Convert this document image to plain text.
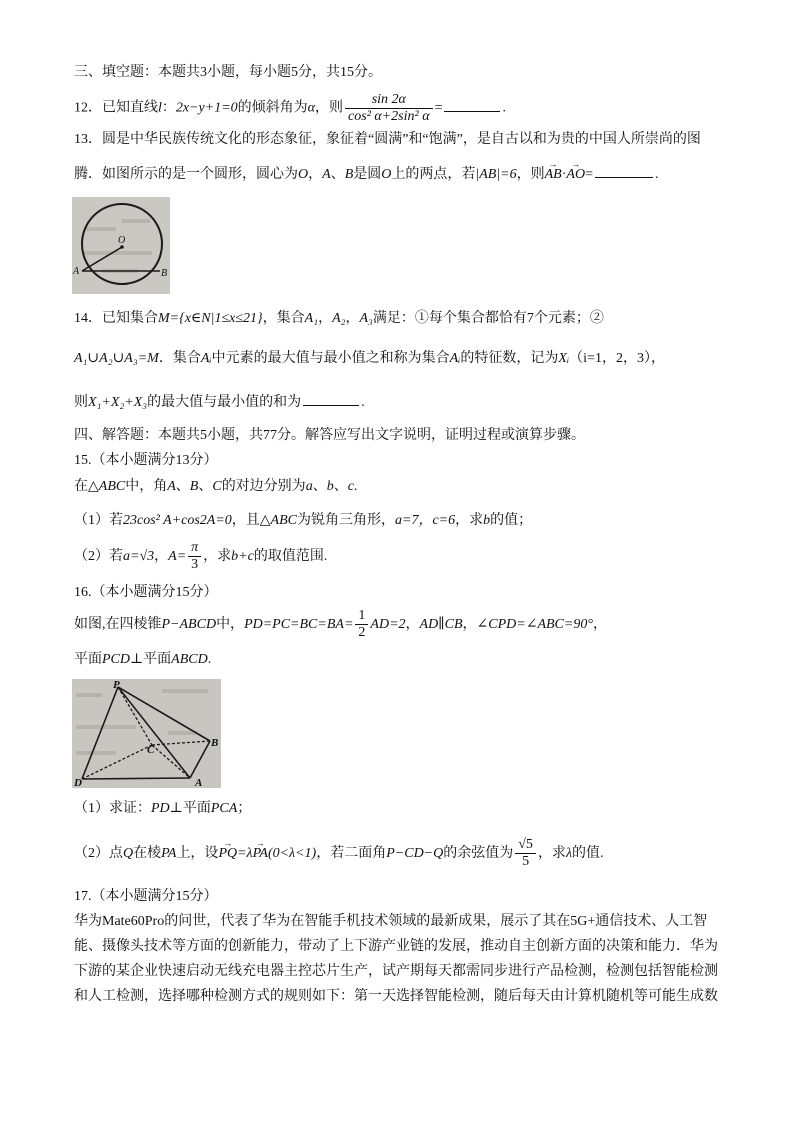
三、填空题：本题共3小题，每小题5分，共15分。
12．已知直线l：2x−y+1=0的倾斜角为α，则 $\frac{\sin 2\alpha}{\text{cos² α+2sin² α}}$ =	.
13．圆是中华民族传统文化的形态象征，象征着“圆满”和“饱满”，是自古以和为贵的中国人所崇尚的图
腾．如图所示的是一个圆形，圆心为O，A、B是圆O上的两点，若|AB|=6，则→ AB·→ AO=	.
O
A	B
14．已知集合M={x∈N|1≤x≤21}，集合A₁，A₂，A₃满足：①每个集合都恰有7个元素；②
A₁∪A₂∪A₃=M．集合Aᵢ中元素的最大值与最小值之和称为集合Aᵢ的特征数，记为Xᵢ（i=1，2，3），
则X₁+X₂+X₃的最大值与最小值的和为	.
四、解答题：本题共5小题，共77分。解答应写出文字说明，证明过程或演算步骤。
15.（本小题满分13分）
在△ABC中，角A、B、C的对边分别为a、b、c.
（1）若23cos² A+cos2A=0，且△ABC为锐角三角形，a=7，c=6，求b的值；
（2）若a=√3，$A= \frac{\pi}{3}$ ，求b+c的取值范围.
16.（本小题满分15分）
如图,在四棱锥P−ABCD中，$PD=PC=BC=BA= \frac{1}{2} AD=2$，AD∥CB，∠CPD=∠ABC=90°，
平面PCD⊥平面ABCD.
P
C
B
D	A
（1）求证：PD⊥平面PCA；
（2）点Q在棱PA上，设→ PQ=λ→ PA(0<λ<1)，若二面角P−CD−Q的余弦值为 $\frac{√5}{5}$ ，求λ的值.
17.（本小题满分15分）
华为Mate60Pro的问世，代表了华为在智能手机技术领域的最新成果，展示了其在5G+通信技术、人工智
能、摄像头技术等方面的创新能力，带动了上下游产业链的发展，推动自主创新方面的决策和能力．华为
下游的某企业快速启动无线充电器主控芯片生产，试产期每天都需同步进行产品检测，检测包括智能检测
和人工检测，选择哪种检测方式的规则如下：第一天选择智能检测，随后每天由计算机随机等可能生成数
